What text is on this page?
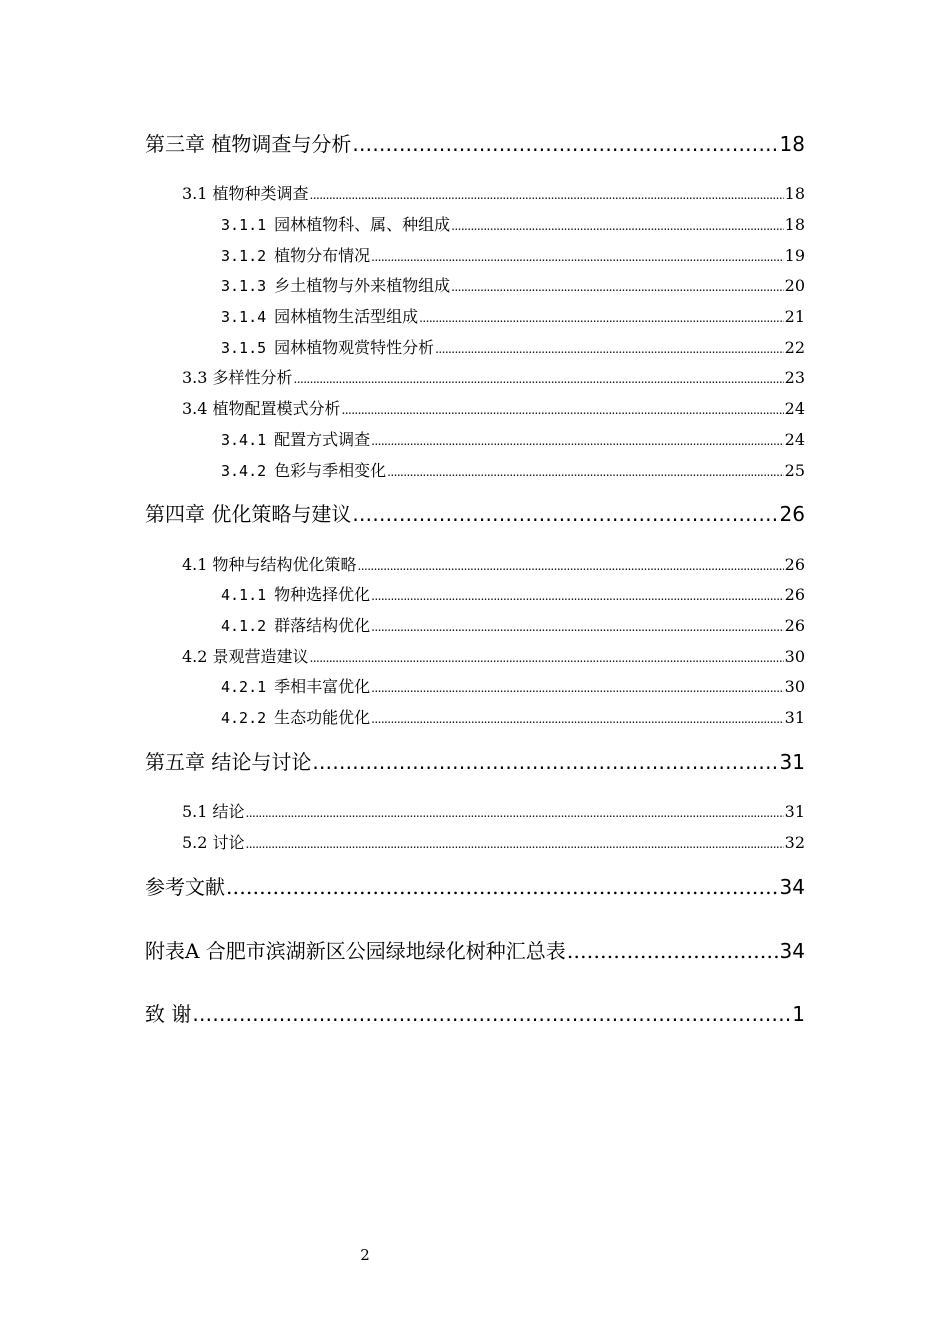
第三章 植物调查与分析 .....	18
3.1 植物种类调查 .....	18
3.1.1 园林植物科、属、种组成 .....	18
3.1.2 植物分布情况 .....	19
3.1.3 乡土植物与外来植物组成 .....	20
3.1.4 园林植物生活型组成 .....	21
3.1.5 园林植物观赏特性分析 .....	22
3.3 多样性分析 .....	23
3.4 植物配置模式分析 .....	24
3.4.1 配置方式调查 .....	24
3.4.2 色彩与季相变化 .....	25
第四章 优化策略与建议 .....	26
4.1 物种与结构优化策略 .....	26
4.1.1 物种选择优化 .....	26
4.1.2 群落结构优化 .....	26
4.2 景观营造建议 .....	30
4.2.1 季相丰富优化 .....	30
4.2.2 生态功能优化 .....	31
第五章 结论与讨论 .....	31
5.1 结论 .....	31
5.2 讨论 .....	32
参考文献 .....	34
附表A 合肥市滨湖新区公园绿地绿化树种汇总表 .....	34
致 谢 .....	1
2
